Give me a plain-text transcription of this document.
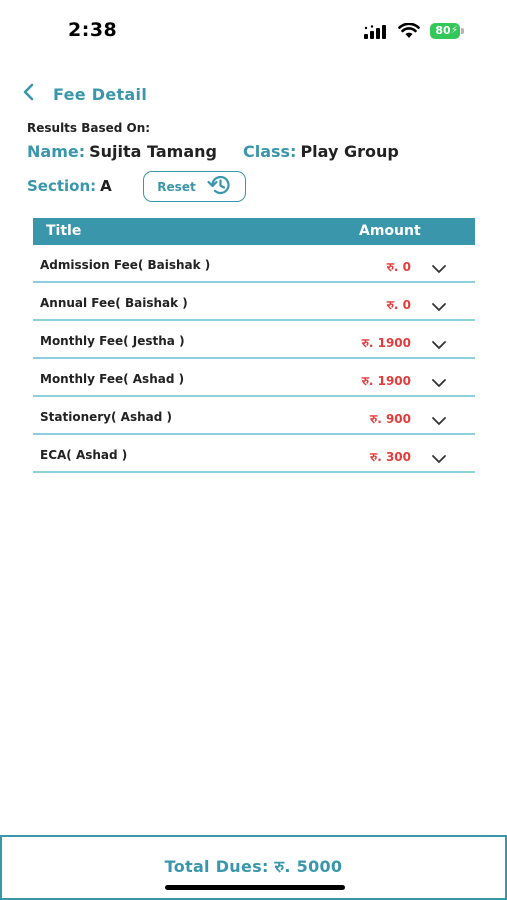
2:38	80 ⚡
Fee Detail
Results Based On:
Name: Sujita Tamang Class: Play Group
Section: A	Reset
Title	Amount
Admission Fee( Baishak )	रु. 0
Annual Fee( Baishak )	रु. 0
Monthly Fee( Jestha )	रु. 1900
Monthly Fee( Ashad )	रु. 1900
Stationery( Ashad )	रु. 900
ECA( Ashad )	रु. 300
Total Dues: रु. 5000
